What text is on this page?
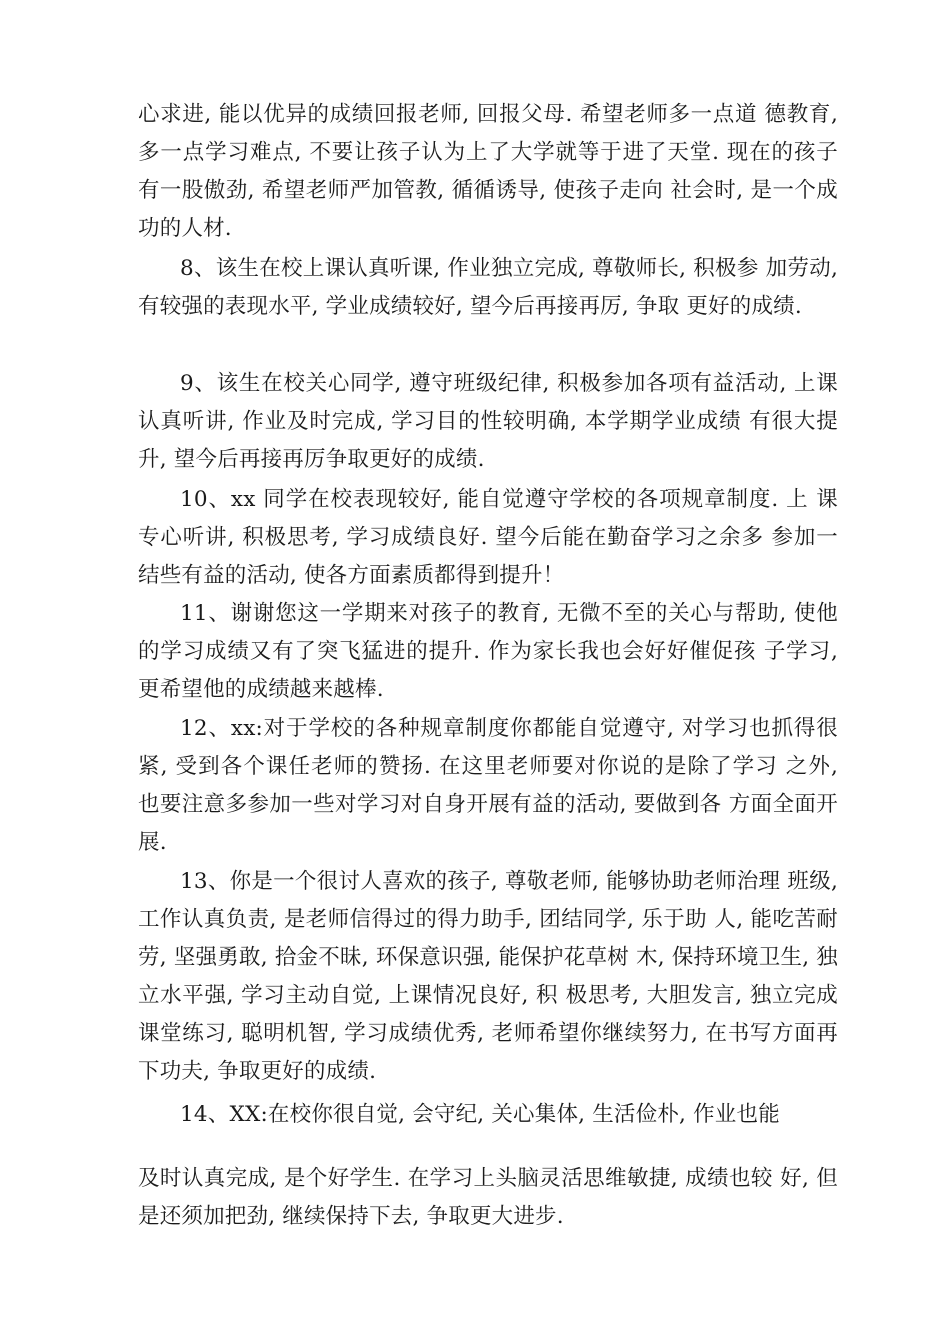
心求进, 能以优异的成绩回报老师, 回报父母. 希望老师多一点道 德教育, 多一点学习难点, 不要让孩子认为上了大学就等于进了天堂. 现在的孩子有一股傲劲, 希望老师严加管教, 循循诱导, 使孩子走向 社会时, 是一个成功的人材.

8、该生在校上课认真听课, 作业独立完成, 尊敬师长, 积极参 加劳动, 有较强的表现水平, 学业成绩较好, 望今后再接再厉, 争取 更好的成绩.

9、该生在校关心同学, 遵守班级纪律, 积极参加各项有益活动, 上课认真听讲, 作业及时完成, 学习目的性较明确, 本学期学业成绩 有很大提升, 望今后再接再厉争取更好的成绩.

10、xx 同学在校表现较好, 能自觉遵守学校的各项规章制度. 上 课专心听讲, 积极思考, 学习成绩良好. 望今后能在勤奋学习之余多 参加一结些有益的活动, 使各方面素质都得到提升！

11、谢谢您这一学期来对孩子的教育, 无微不至的关心与帮助, 使他的学习成绩又有了突飞猛进的提升. 作为家长我也会好好催促孩 子学习, 更希望他的成绩越来越棒.

12、xx:对于学校的各种规章制度你都能自觉遵守, 对学习也抓得很紧, 受到各个课任老师的赞扬. 在这里老师要对你说的是除了学习 之外, 也要注意多参加一些对学习对自身开展有益的活动, 要做到各 方面全面开展.

13、你是一个很讨人喜欢的孩子, 尊敬老师, 能够协助老师治理 班级, 工作认真负责, 是老师信得过的得力助手, 团结同学, 乐于助 人, 能吃苦耐劳, 坚强勇敢, 拾金不昧, 环保意识强, 能保护花草树 木, 保持环境卫生, 独立水平强, 学习主动自觉, 上课情况良好, 积 极思考, 大胆发言, 独立完成课堂练习, 聪明机智, 学习成绩优秀, 老师希望你继续努力, 在书写方面再下功夫, 争取更好的成绩.

14、XX:在校你很自觉, 会守纪, 关心集体, 生活俭朴, 作业也能

及时认真完成, 是个好学生. 在学习上头脑灵活思维敏捷, 成绩也较 好, 但是还须加把劲, 继续保持下去, 争取更大进步.
